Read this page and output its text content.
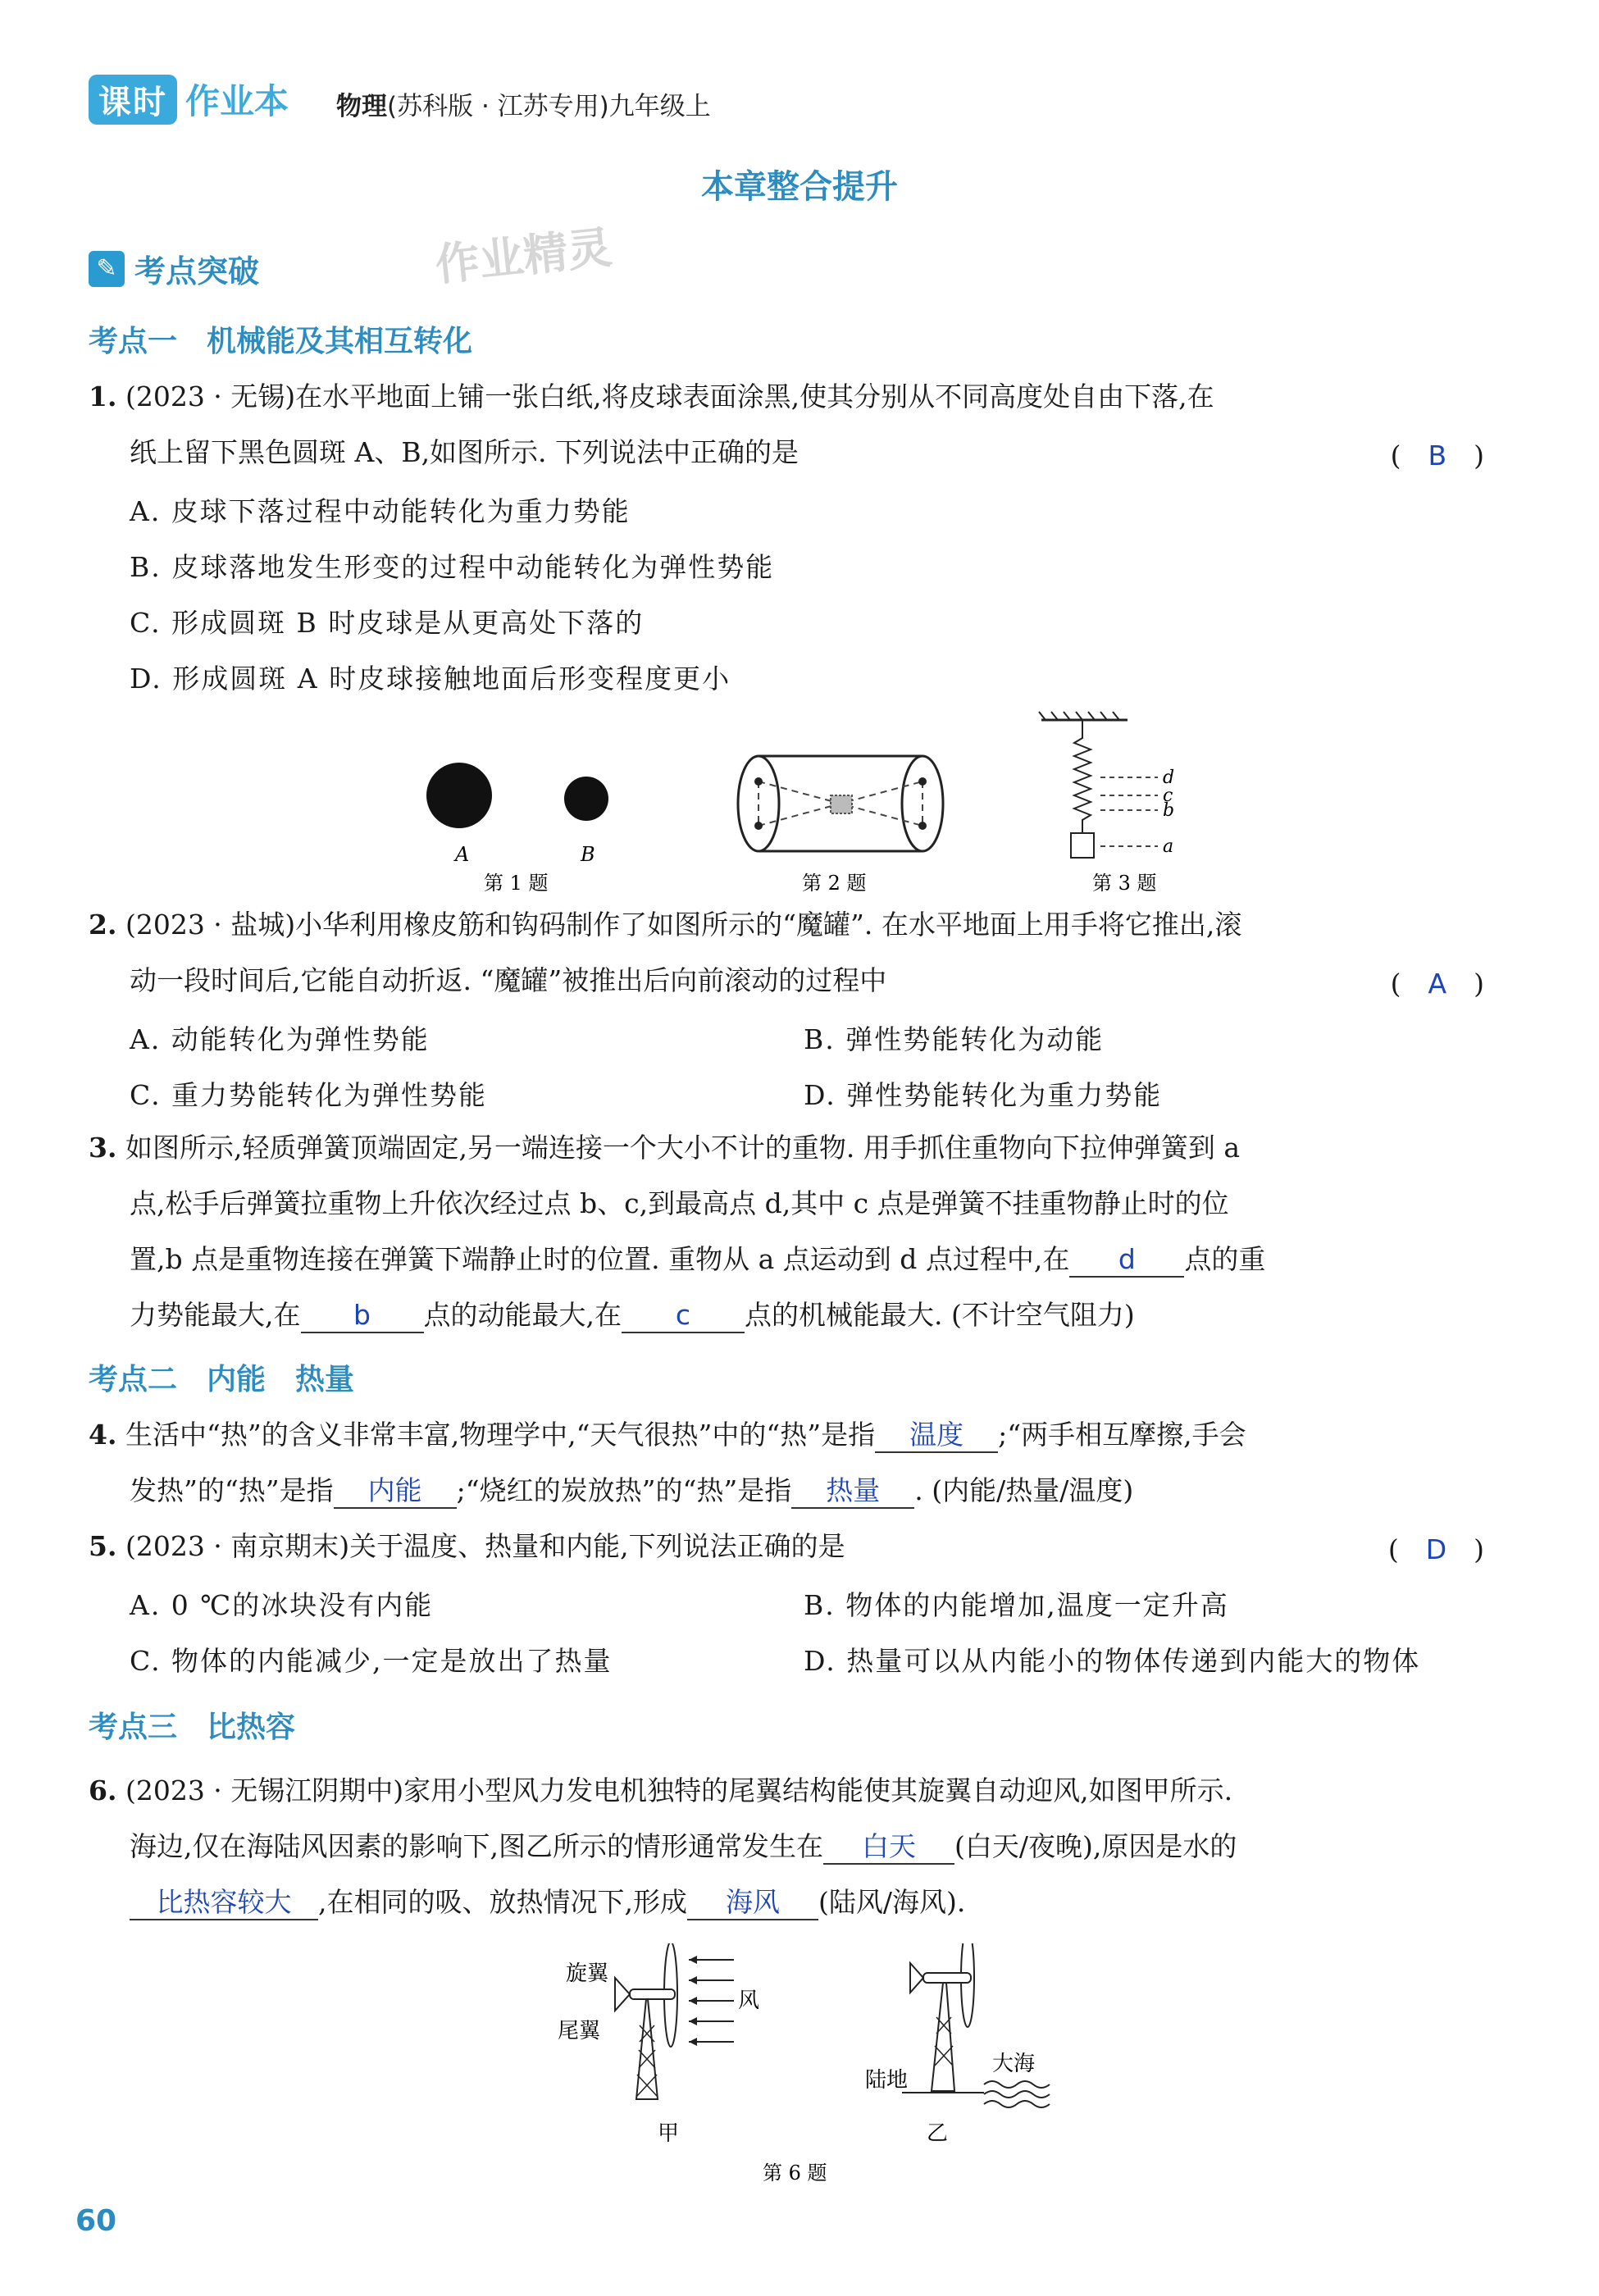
课时 作业本 物理(苏科版 · 江苏专用)九年级上
本章整合提升
✎ 考点突破	作业精灵
考点一　机械能及其相互转化
1. (2023 · 无锡)在水平地面上铺一张白纸,将皮球表面涂黑,使其分别从不同高度处自由下落,在
纸上留下黑色圆斑 A、B,如图所示. 下列说法中正确的是	(　B　)
A. 皮球下落过程中动能转化为重力势能
B. 皮球落地发生形变的过程中动能转化为弹性势能
C. 形成圆斑 B 时皮球是从更高处下落的
D. 形成圆斑 A 时皮球接触地面后形变程度更小
A	B
第 1 题	第 2 题
d
c
b
a
第 3 题
2. (2023 · 盐城)小华利用橡皮筋和钩码制作了如图所示的“魔罐”. 在水平地面上用手将它推出,滚
动一段时间后,它能自动折返. “魔罐”被推出后向前滚动的过程中	(　A　)
A. 动能转化为弹性势能	B. 弹性势能转化为动能
C. 重力势能转化为弹性势能	D. 弹性势能转化为重力势能
3. 如图所示,轻质弹簧顶端固定,另一端连接一个大小不计的重物. 用手抓住重物向下拉伸弹簧到 a
点,松手后弹簧拉重物上升依次经过点 b、c,到最高点 d,其中 c 点是弹簧不挂重物静止时的位
置,b 点是重物连接在弹簧下端静止时的位置. 重物从 a 点运动到 d 点过程中,在 d 点的重
力势能最大,在 b 点的动能最大,在 c 点的机械能最大. (不计空气阻力)
考点二　内能　热量
4. 生活中“热”的含义非常丰富,物理学中,“天气很热”中的“热”是指 温度 ;“两手相互摩擦,手会
发热”的“热”是指 内能 ;“烧红的炭放热”的“热”是指 热量 . (内能/热量/温度)
5. (2023 · 南京期末)关于温度、热量和内能,下列说法正确的是	(　D　)
A. 0 ℃的冰块没有内能	B. 物体的内能增加,温度一定升高
C. 物体的内能减少,一定是放出了热量	D. 热量可以从内能小的物体传递到内能大的物体
考点三　比热容
6. (2023 · 无锡江阴期中)家用小型风力发电机独特的尾翼结构能使其旋翼自动迎风,如图甲所示.
海边,仅在海陆风因素的影响下,图乙所示的情形通常发生在 白天 (白天/夜晚),原因是水的
比热容较大 ,在相同的吸、放热情况下,形成 海风 (陆风/海风).
旋翼
尾翼
风
甲
陆地
大海
乙
第 6 题
60
